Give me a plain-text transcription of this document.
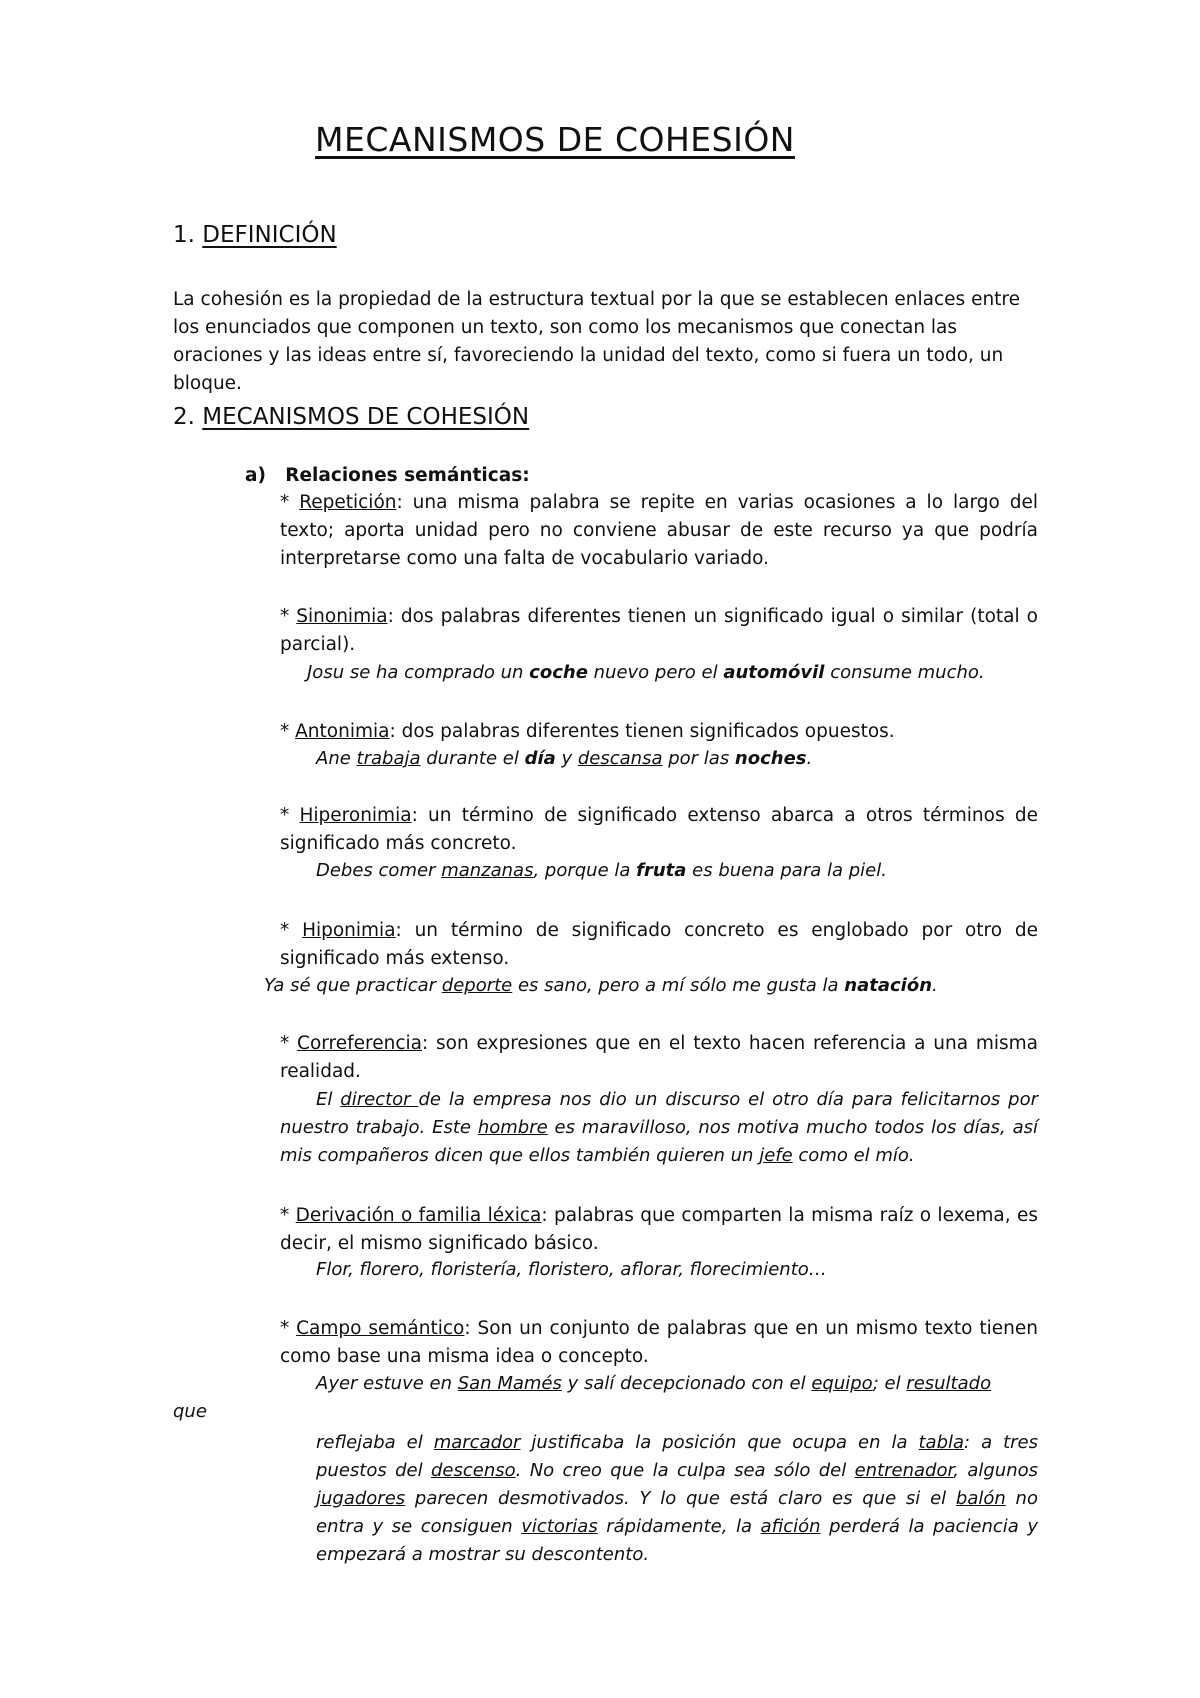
MECANISMOS DE COHESIÓN
1. DEFINICIÓN
La cohesión es la propiedad de la estructura textual por la que se establecen enlaces entre los enunciados que componen un texto, son como los mecanismos que conectan las oraciones y las ideas entre sí, favoreciendo la unidad del texto, como si fuera un todo, un bloque.
2. MECANISMOS DE COHESIÓN
a)   Relaciones semánticas:
* Repetición: una misma palabra se repite en varias ocasiones a lo largo del texto; aporta unidad pero no conviene abusar de este recurso ya que podría interpretarse como una falta de vocabulario variado.
* Sinonimia: dos palabras diferentes tienen un significado igual o similar (total o parcial).
Josu se ha comprado un coche nuevo pero el automóvil consume mucho.
* Antonimia: dos palabras diferentes tienen significados opuestos.
Ane trabaja durante el día y descansa por las noches.
* Hiperonimia: un término de significado extenso abarca a otros términos de significado más concreto.
Debes comer manzanas, porque la fruta es buena para la piel.
* Hiponimia: un término de significado concreto es englobado por otro de significado más extenso.
Ya sé que practicar deporte es sano, pero a mí sólo me gusta la natación.
* Correferencia: son expresiones que en el texto hacen referencia a una misma realidad.
El director de la empresa nos dio un discurso el otro día para felicitarnos por nuestro trabajo. Este hombre es maravilloso, nos motiva mucho todos los días, así mis compañeros dicen que ellos también quieren un jefe como el mío.
* Derivación o familia léxica: palabras que comparten la misma raíz o lexema, es decir, el mismo significado básico.
Flor, florero, floristería, floristero, aflorar, florecimiento…
* Campo semántico: Son un conjunto de palabras que en un mismo texto tienen como base una misma idea o concepto.
Ayer estuve en San Mamés y salí decepcionado con el equipo; el resultado
que
reflejaba el marcador justificaba la posición que ocupa en la tabla: a tres puestos del descenso. No creo que la culpa sea sólo del entrenador, algunos jugadores parecen desmotivados. Y lo que está claro es que si el balón no entra y se consiguen victorias rápidamente, la afición perderá la paciencia y empezará a mostrar su descontento.
